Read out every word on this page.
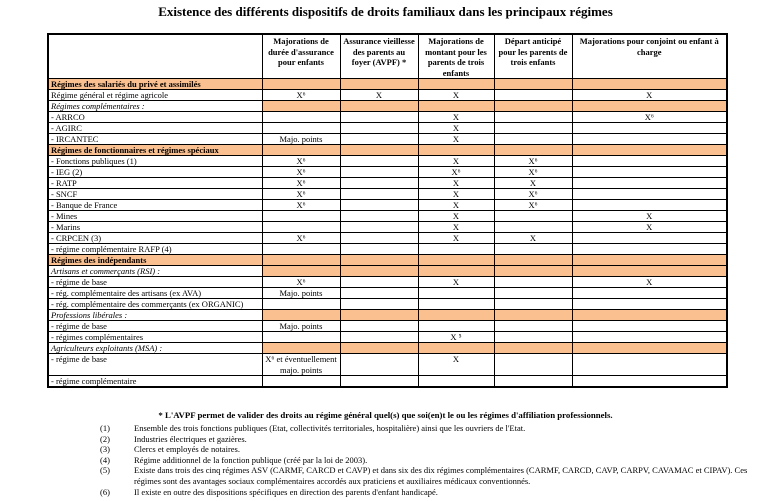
Existence des différents dispositifs de droits familiaux dans les principaux régimes
	Majorations de durée d'assurance pour enfants	Assurance vieillesse des parents au foyer (AVPF) *	Majorations de montant pour les parents de trois enfants	Départ anticipé pour les parents de trois enfants	Majorations pour conjoint ou enfant à charge
Régimes des salariés du privé et assimilés					
Régime général et régime agricole	X⁶	X	X		X
Régimes complémentaires :					
- ARRCO			X		X⁶
- AGIRC			X		
- IRCANTEC	Majo. points		X		
Régimes de fonctionnaires et régimes spéciaux					
- Fonctions publiques (1)	X⁶		X	X⁶	
- IEG (2)	X⁶		X⁶	X⁶	
- RATP	X⁶		X	X	
- SNCF	X⁶		X	X⁶	
- Banque de France	X⁶		X	X⁶	
- Mines			X		X
- Marins			X		X
- CRPCEN (3)	X⁶		X	X	
- régime complémentaire RAFP (4)					
Régimes des indépendants					
Artisans et commerçants (RSI) :					
- régime de base	X⁶		X		X
- rég. complémentaire des artisans (ex AVA)	Majo. points				
- rég. complémentaire des commerçants (ex ORGANIC)					
Professions libérales :					
- régime de base	Majo. points				
- régimes complémentaires			X ⁵		
Agriculteurs exploitants (MSA) :					
- régime de base	X⁶ et éventuellement majo. points		X		
- régime complémentaire					
* L'AVPF permet de valider des droits au régime général quel(s) que soi(en)t le ou les régimes d'affiliation professionnels.
(1)	Ensemble des trois fonctions publiques (Etat, collectivités territoriales, hospitalière) ainsi que les ouvriers de l'Etat.
(2)	Industries électriques et gazières.
(3)	Clercs et employés de notaires.
(4)	Régime additionnel de la fonction publique (créé par la loi de 2003).
(5)	Existe dans trois des cinq régimes ASV (CARMF, CARCD et CAVP) et dans six des dix régimes complémentaires (CARMF, CARCD, CAVP, CARPV, CAVAMAC et CIPAV). Ces régimes sont des avantages sociaux complémentaires accordés aux praticiens et auxiliaires médicaux conventionnés.
(6)	Il existe en outre des dispositions spécifiques en direction des parents d'enfant handicapé.
